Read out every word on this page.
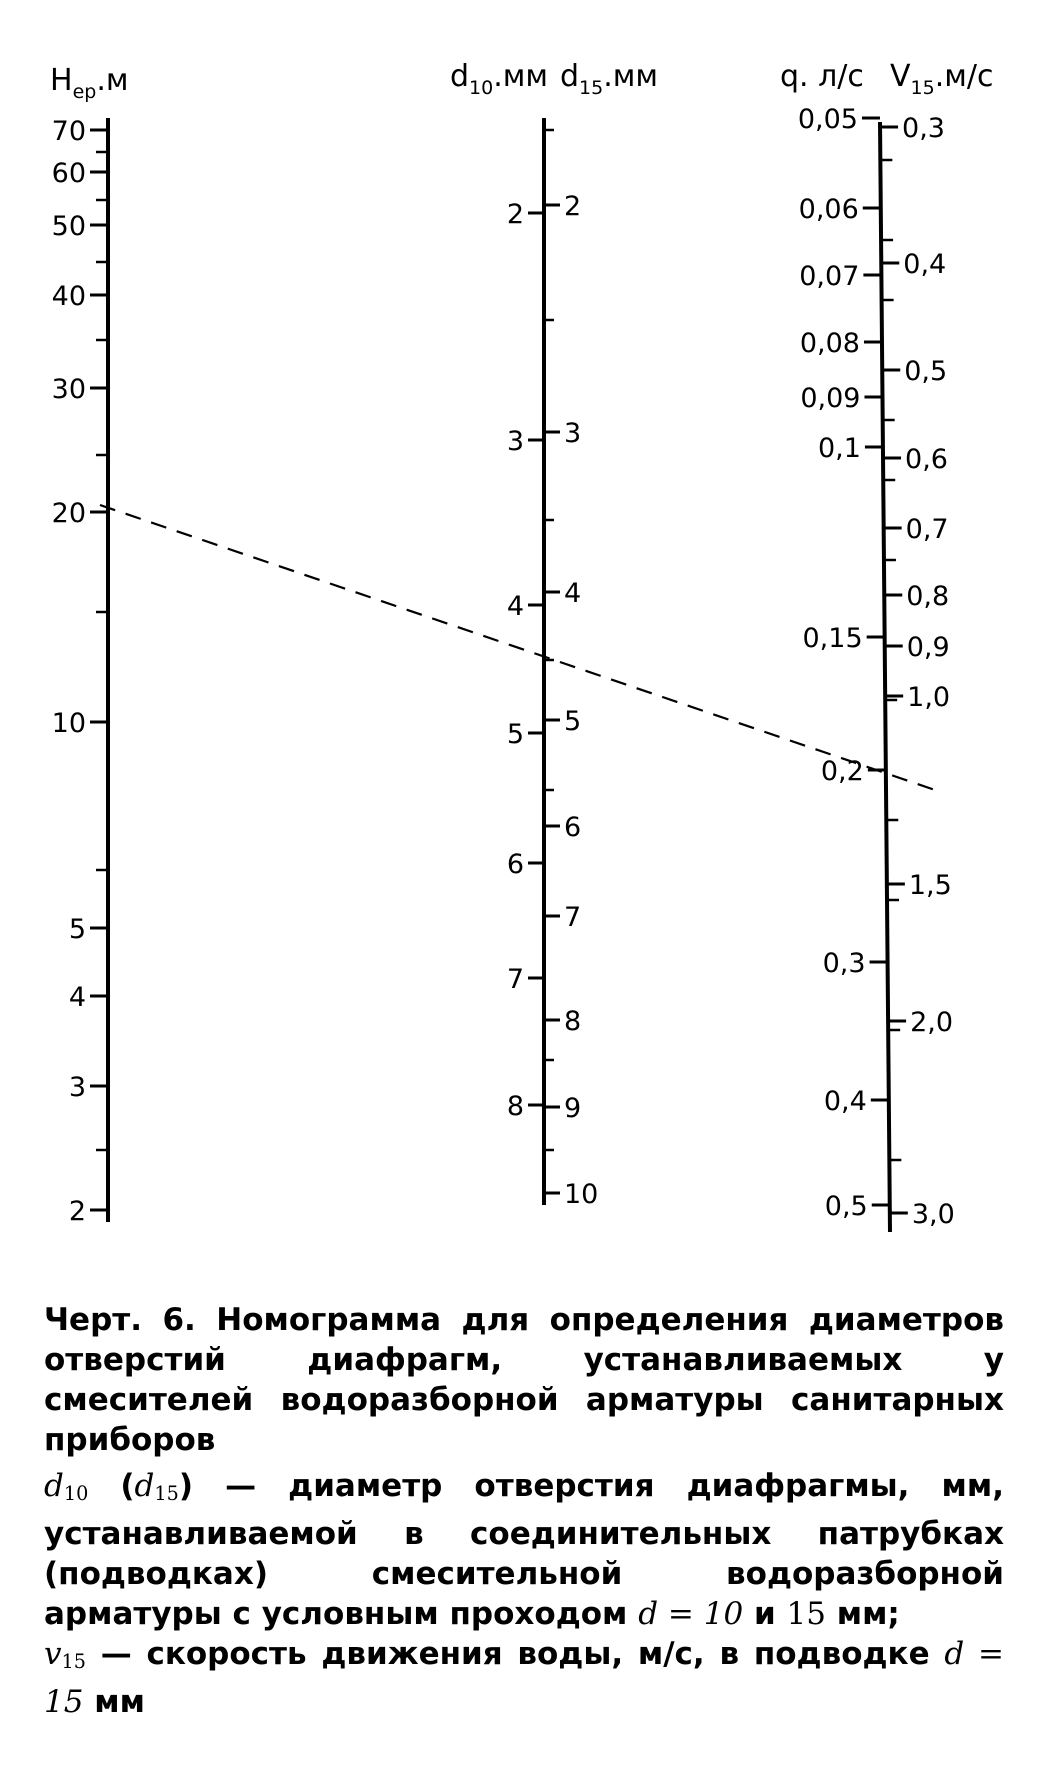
$H_{ер}.м$	$d_{10}.мм$ $d_{15}.мм$	q. л/с $V_{15}.м/с$
70
60
50
40
30
20
10
5
4
3
2
2
3
4
5
6
7
8
2
3
4
5
6
7
8
9
10
0,05
0,06
0,07
0,08
0,09
0,1
0,15
0,2
0,3
0,4
0,5
0,3
0,4
0,5
0,6
0,7
0,8
0,9
1,0
1,5
2,0
3,0

Черт. 6. Номограмма для определения диаметров отверстий диафрагм, устанавливаемых у смесителей водоразборной арматуры санитарных приборов

$d_{10}$ $(d_{15})$ — диаметр отверстия диафрагмы, мм, устанавливаемой в соединительных патрубках (подводках) смесительной водоразборной арматуры с условным проходом d = 10 и 15 мм;

$v_{15}$ — скорость движения воды, м/с, в подводке d = 15 мм
